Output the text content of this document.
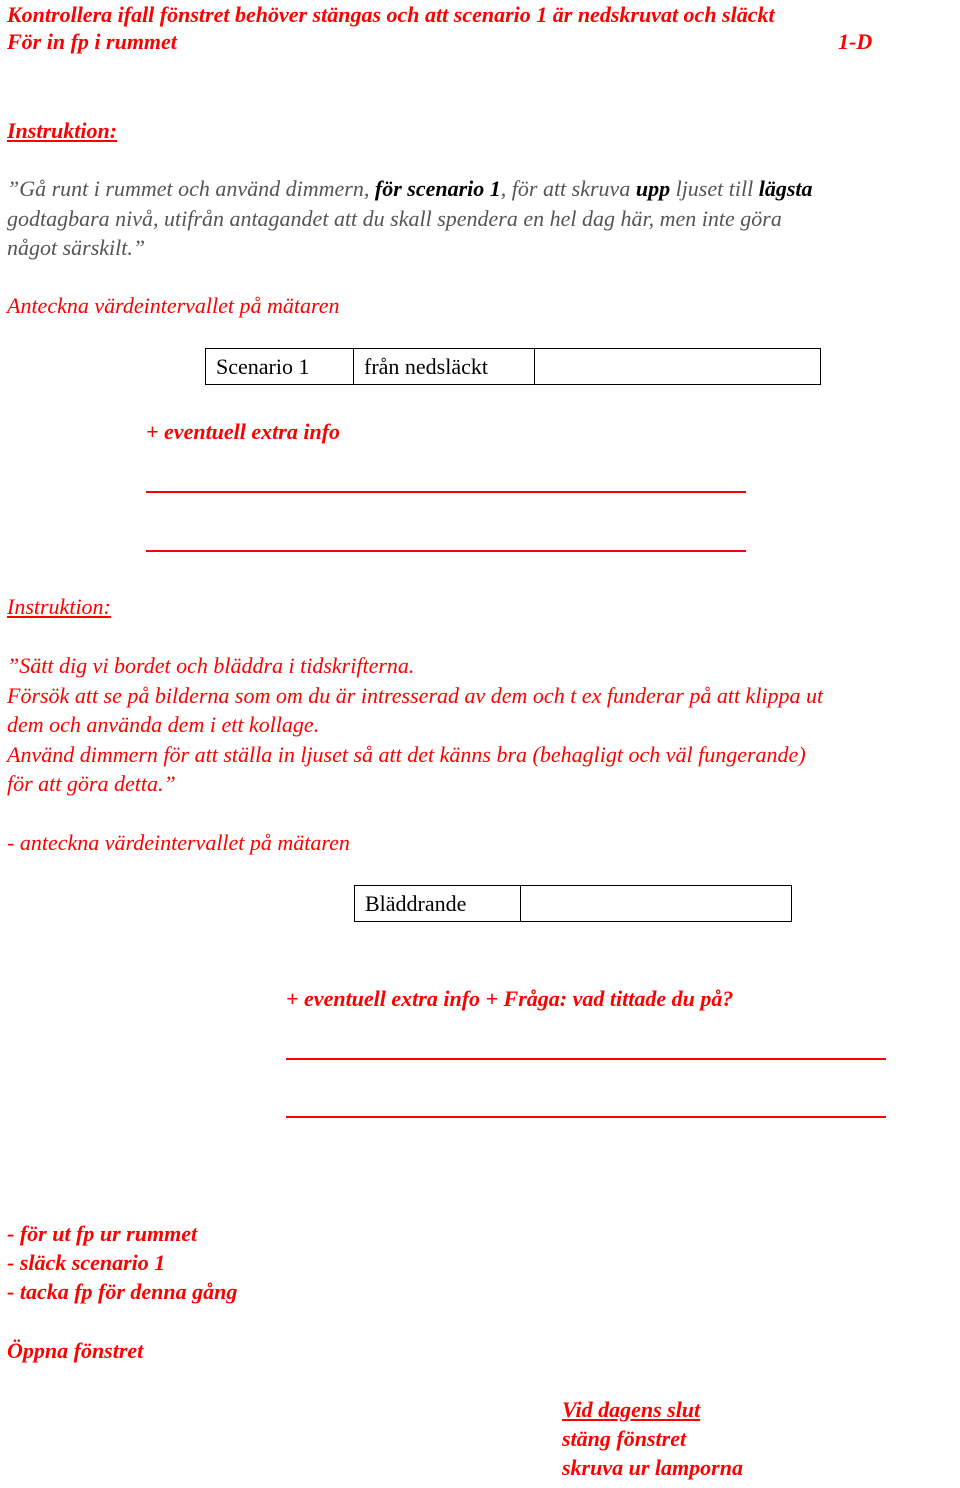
Kontrollera ifall fönstret behöver stängas och att scenario 1 är nedskruvat och släckt
För in fp i rummet	1-D
Instruktion:
”Gå runt i rummet och använd dimmern, för scenario 1, för att skruva upp ljuset till lägsta
godtagbara nivå, utifrån antagandet att du skall spendera en hel dag här, men inte göra
något särskilt.”
Anteckna värdeintervallet på mätaren
Scenario 1	från nedsläckt	
+ eventuell extra info
Instruktion:
”Sätt dig vi bordet och bläddra i tidskrifterna.
Försök att se på bilderna som om du är intresserad av dem och t ex funderar på att klippa ut
dem och använda dem i ett kollage.
Använd dimmern för att ställa in ljuset så att det känns bra (behagligt och väl fungerande)
för att göra detta.”
- anteckna värdeintervallet på mätaren
Bläddrande	
+ eventuell extra info + Fråga: vad tittade du på?
- för ut fp ur rummet
- släck scenario 1
- tacka fp för denna gång
Öppna fönstret
Vid dagens slut
stäng fönstret
skruva ur lamporna
